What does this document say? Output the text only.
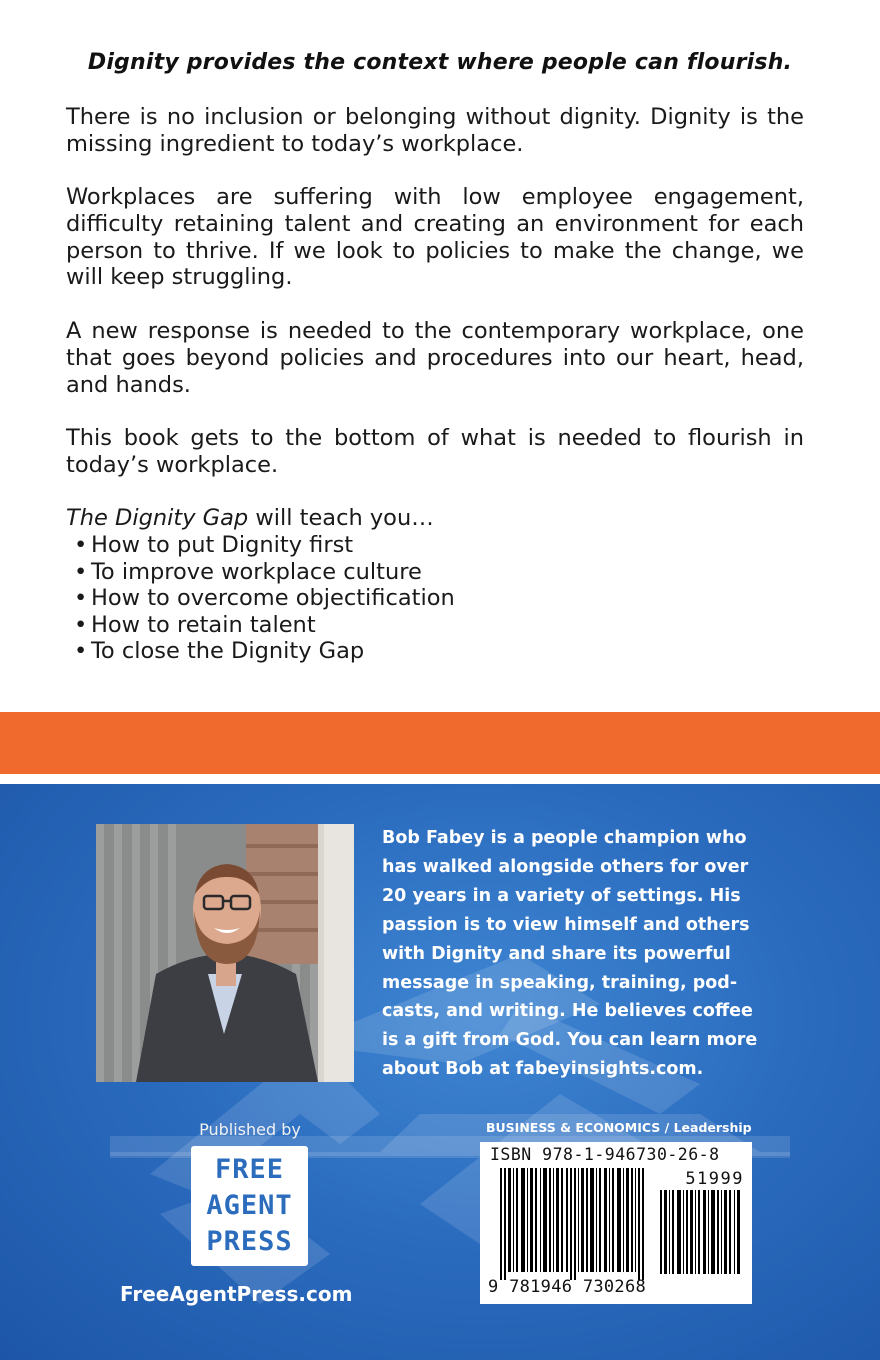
Dignity provides the context where people can flourish.

There is no inclusion or belonging without dignity. Dignity is the missing ingredient to today’s workplace.

Workplaces are suffering with low employee engagement, difficulty retaining talent and creating an environment for each person to thrive. If we look to policies to make the change, we will keep struggling.

A new response is needed to the contemporary workplace, one that goes beyond policies and procedures into our heart, head, and hands.

This book gets to the bottom of what is needed to flourish in today’s workplace.

The Dignity Gap will teach you…
• How to put Dignity first
• To improve workplace culture
• How to overcome objectification
• How to retain talent
• To close the Dignity Gap

Bob Fabey is a people champion who has walked alongside others for over 20 years in a variety of settings. His passion is to view himself and others with Dignity and share its powerful message in speaking, training, pod-casts, and writing. He believes coffee is a gift from God. You can learn more about Bob at fabeyinsights.com.

Published by
FREE
AGENT
PRESS
FreeAgentPress.com
BUSINESS & ECONOMICS / Leadership
ISBN 978-1-946730-26-8
51999
9 781946 730268
